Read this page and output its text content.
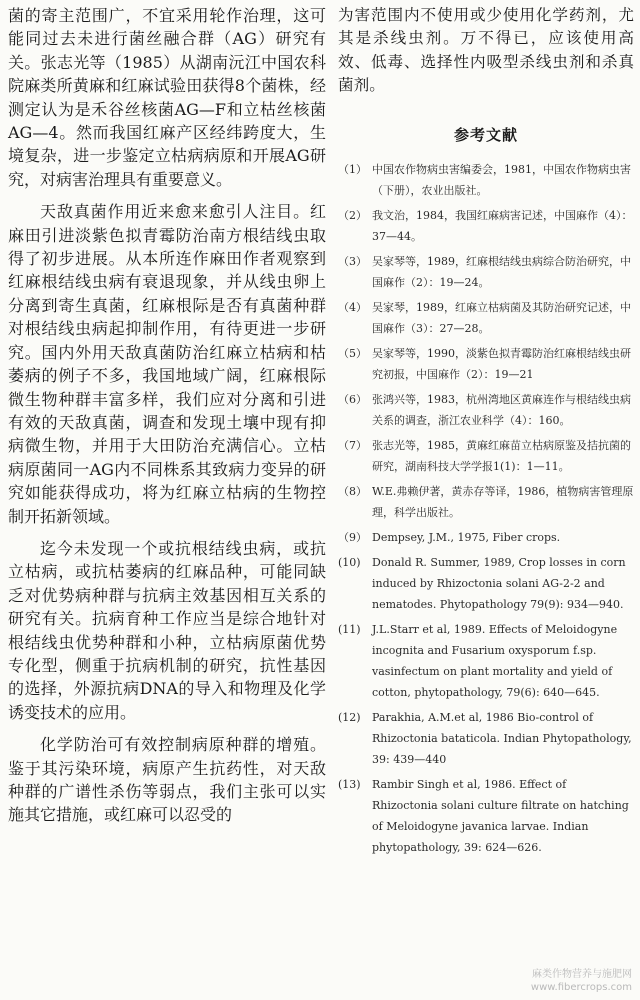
菌的寄主范围广，不宜采用轮作治理，这可能同过去未进行菌丝融合群（AG）研究有关。张志光等（1985）从湖南沅江中国农科院麻类所黄麻和红麻试验田获得8个菌株，经测定认为是禾谷丝核菌AG—F和立枯丝核菌AG—4。然而我国红麻产区经纬跨度大，生境复杂，进一步鉴定立枯病病原和开展AG研究，对病害治理具有重要意义。

天敌真菌作用近来愈来愈引人注目。红麻田引进淡紫色拟青霉防治南方根结线虫取得了初步进展。从本所连作麻田作者观察到红麻根结线虫病有衰退现象，并从线虫卵上分离到寄生真菌，红麻根际是否有真菌种群对根结线虫病起抑制作用，有待更进一步研究。国内外用天敌真菌防治红麻立枯病和枯萎病的例子不多，我国地域广阔，红麻根际微生物种群丰富多样，我们应对分离和引进有效的天敌真菌，调查和发现土壤中现有抑病微生物，并用于大田防治充满信心。立枯病原菌同一AG内不同株系其致病力变异的研究如能获得成功，将为红麻立枯病的生物控制开拓新领域。

迄今未发现一个或抗根结线虫病，或抗立枯病，或抗枯萎病的红麻品种，可能同缺乏对优势病种群与抗病主效基因相互关系的研究有关。抗病育种工作应当是综合地针对根结线虫优势种群和小种，立枯病原菌优势专化型，侧重于抗病机制的研究，抗性基因的选择，外源抗病DNA的导入和物理及化学诱变技术的应用。

化学防治可有效控制病原种群的增殖。鉴于其污染环境，病原产生抗药性，对天敌种群的广谱性杀伤等弱点，我们主张可以实施其它措施，或红麻可以忍受的

为害范围内不使用或少使用化学药剂，尤其是杀线虫剂。万不得已，应该使用高效、低毒、选择性内吸型杀线虫剂和杀真菌剂。

参考文献
（1） 中国农作物病虫害编委会，1981，中国农作物病虫害（下册），农业出版社。
（2） 我文治，1984，我国红麻病害记述，中国麻作（4）：37—44。
（3） 吴家琴等，1989，红麻根结线虫病综合防治研究，中国麻作（2）：19—24。
（4） 吴家琴，1989，红麻立枯病菌及其防治研究记述，中国麻作（3）：27—28。
（5） 吴家琴等，1990，淡紫色拟青霉防治红麻根结线虫研究初报，中国麻作（2）：19—21
（6） 张鸿兴等，1983，杭州湾地区黄麻连作与根结线虫病关系的调查，浙江农业科学（4）：160。
（7） 张志光等，1985，黄麻红麻苗立枯病原鉴及拮抗菌的研究，湖南科技大学学报1(1)：1—11。
（8） W.E.弗赖伊著，黄赤存等译，1986，植物病害管理原理，科学出版社。
（9） Dempsey, J.M., 1975, Fiber crops.
(10)	Donald R. Summer, 1989, Crop losses in corn induced by Rhizoctonia solani AG-2-2 and nematodes. Phytopathology 79(9): 934—940.
(11)	J.L.Starr et al, 1989. Effects of Meloidogyne incognita and Fusarium oxysporum f.sp. vasinfectum on plant mortality and yield of cotton, phytopathology, 79(6): 640—645.
(12)	Parakhia, A.M.et al, 1986 Bio-control of Rhizoctonia bataticola. Indian Phytopathology, 39: 439—440
(13)	Rambir Singh et al, 1986. Effect of Rhizoctonia solani culture filtrate on hatching of Meloidogyne javanica larvae. Indian phytopathology, 39: 624—626.
麻类作物营养与施肥网
www.fibercrops.com
